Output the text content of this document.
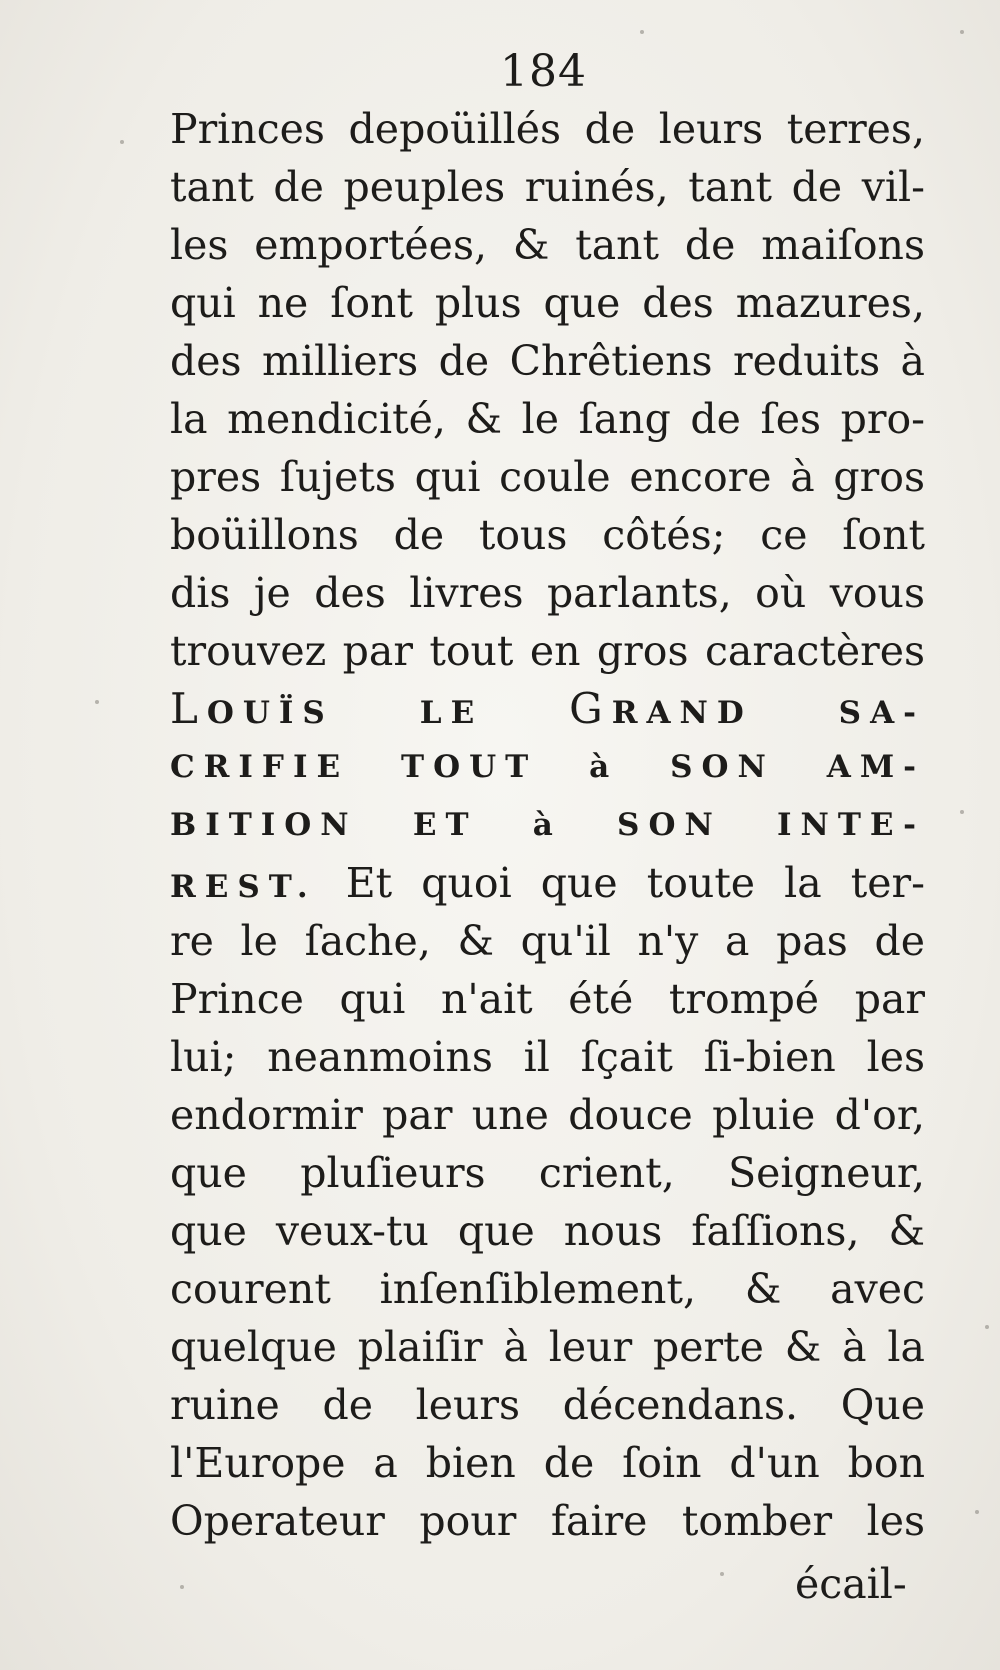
184
Princes depoüillés de leurs terres,
tant de peuples ruinés, tant de vil-
les emportées, & tant de maiſons
qui ne ſont plus que des mazures,
des milliers de Chrêtiens reduits à
la mendicité, & le ſang de ſes pro-
pres ſujets qui coule encore à gros
boüillons de tous côtés; ce ſont
dis je des livres parlants, où vous
trouvez par tout en gros caractères
LOUÏS LE GRAND SA-
CRIFIE TOUT à SON AM-
BITION ET à SON INTE-
REST. Et quoi que toute la ter-
re le ſache, & qu'il n'y a pas de
Prince qui n'ait été trompé par
lui; neanmoins il ſçait ſi-bien les
endormir par une douce pluie d'or,
que pluſieurs crient, Seigneur,
que veux-tu que nous faſſions, &
courent inſenſiblement, & avec
quelque plaiſir à leur perte & à la
ruine de leurs décendans. Que
l'Europe a bien de ſoin d'un bon
Operateur pour faire tomber les
écail-
